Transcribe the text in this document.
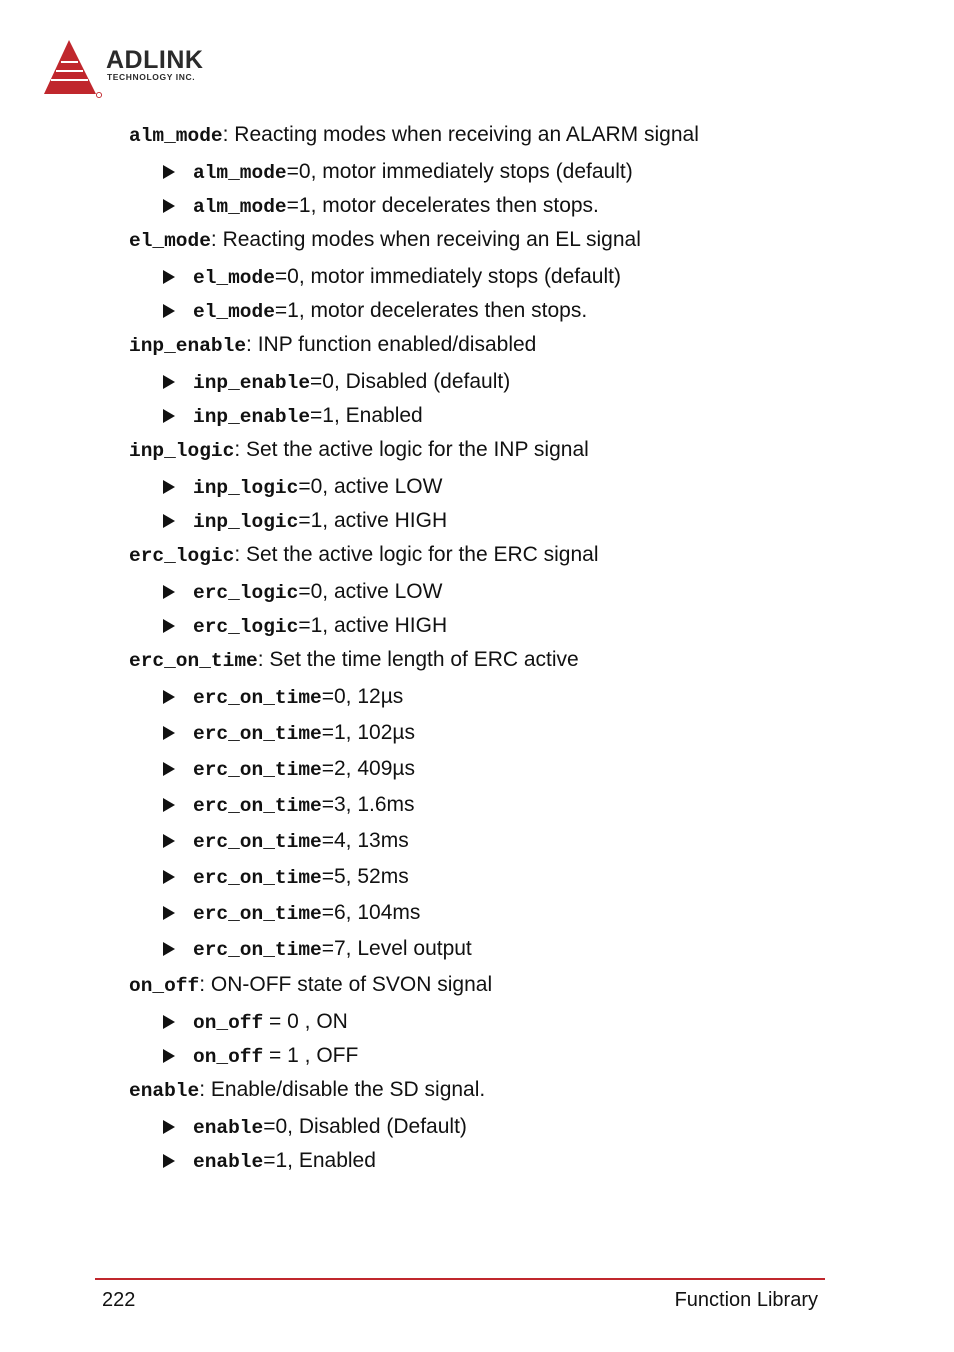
ADLINK
TECHNOLOGY INC.
alm_mode: Reacting modes when receiving an ALARM signal
alm_mode=0, motor immediately stops (default)
alm_mode=1, motor decelerates then stops.
el_mode: Reacting modes when receiving an EL signal
el_mode=0, motor immediately stops (default)
el_mode=1, motor decelerates then stops.
inp_enable: INP function enabled/disabled
inp_enable=0, Disabled (default)
inp_enable=1, Enabled
inp_logic: Set the active logic for the INP signal
inp_logic=0, active LOW
inp_logic=1, active HIGH
erc_logic: Set the active logic for the ERC signal
erc_logic=0, active LOW
erc_logic=1, active HIGH
erc_on_time: Set the time length of ERC active
erc_on_time=0, 12µs
erc_on_time=1, 102µs
erc_on_time=2, 409µs
erc_on_time=3, 1.6ms
erc_on_time=4, 13ms
erc_on_time=5, 52ms
erc_on_time=6, 104ms
erc_on_time=7, Level output
on_off: ON-OFF state of SVON signal
on_off = 0 , ON
on_off = 1 , OFF
enable: Enable/disable the SD signal.
enable=0, Disabled (Default)
enable=1, Enabled
222	Function Library
